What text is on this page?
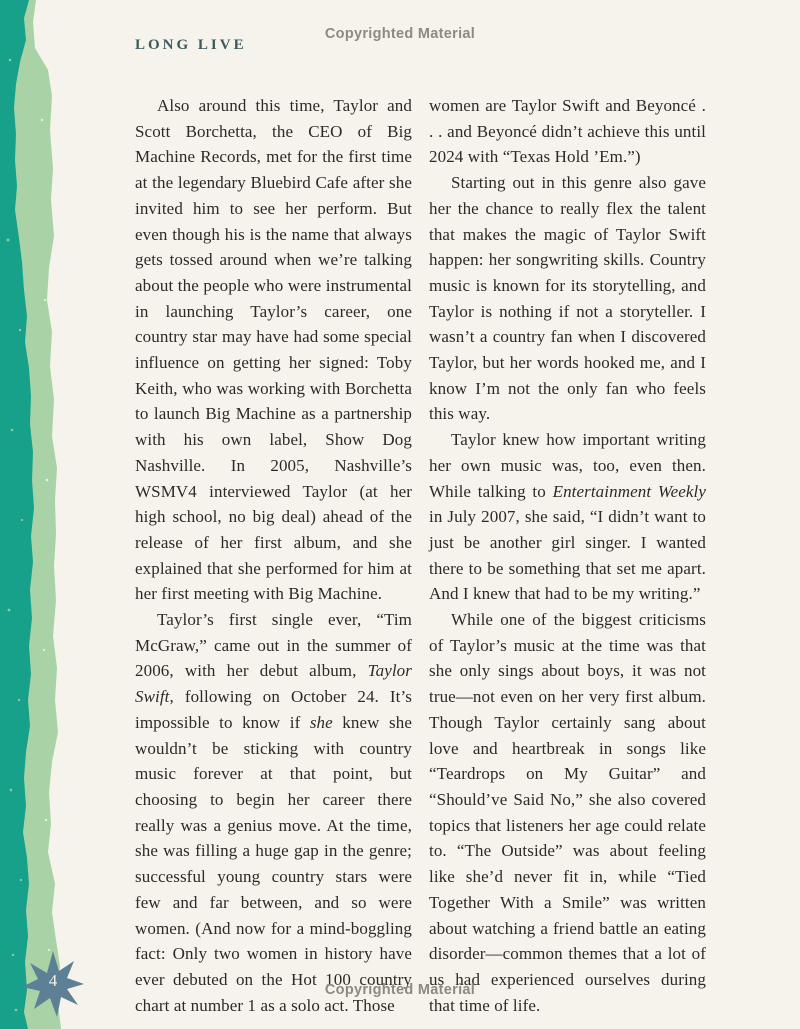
LONG LIVE
Copyrighted Material

Also around this time, Taylor and Scott Borchetta, the CEO of Big Machine Records, met for the first time at the legendary Bluebird Cafe after she invited him to see her perform. But even though his is the name that always gets tossed around when we’re talking about the people who were instrumental in launching Taylor’s career, one country star may have had some special influence on getting her signed: Toby Keith, who was working with Borchetta to launch Big Machine as a partnership with his own label, Show Dog Nashville. In 2005, Nashville’s WSMV4 interviewed Taylor (at her high school, no big deal) ahead of the release of her first album, and she explained that she performed for him at her first meeting with Big Machine.

Taylor’s first single ever, “Tim McGraw,” came out in the summer of 2006, with her debut album, Taylor Swift, following on October 24. It’s impossible to know if she knew she wouldn’t be sticking with country music forever at that point, but choosing to begin her career there really was a genius move. At the time, she was filling a huge gap in the genre; successful young country stars were few and far between, and so were women. (And now for a mind-boggling fact: Only two women in history have ever debuted on the Hot 100 country chart at number 1 as a solo act. Those

women are Taylor Swift and Beyoncé . . . and Beyoncé didn’t achieve this until 2024 with “Texas Hold ’Em.”)

Starting out in this genre also gave her the chance to really flex the talent that makes the magic of Taylor Swift happen: her songwriting skills. Country music is known for its storytelling, and Taylor is nothing if not a storyteller. I wasn’t a country fan when I discovered Taylor, but her words hooked me, and I know I’m not the only fan who feels this way.

Taylor knew how important writing her own music was, too, even then. While talking to Entertainment Weekly in July 2007, she said, “I didn’t want to just be another girl singer. I wanted there to be something that set me apart. And I knew that had to be my writing.”

While one of the biggest criticisms of Taylor’s music at the time was that she only sings about boys, it was not true—not even on her very first album. Though Taylor certainly sang about love and heartbreak in songs like “Teardrops on My Guitar” and “Should’ve Said No,” she also covered topics that listeners her age could relate to. “The Outside” was about feeling like she’d never fit in, while “Tied Together With a Smile” was written about watching a friend battle an eating disorder—common themes that a lot of us had experienced ourselves during that time of life.

4	Copyrighted Material
